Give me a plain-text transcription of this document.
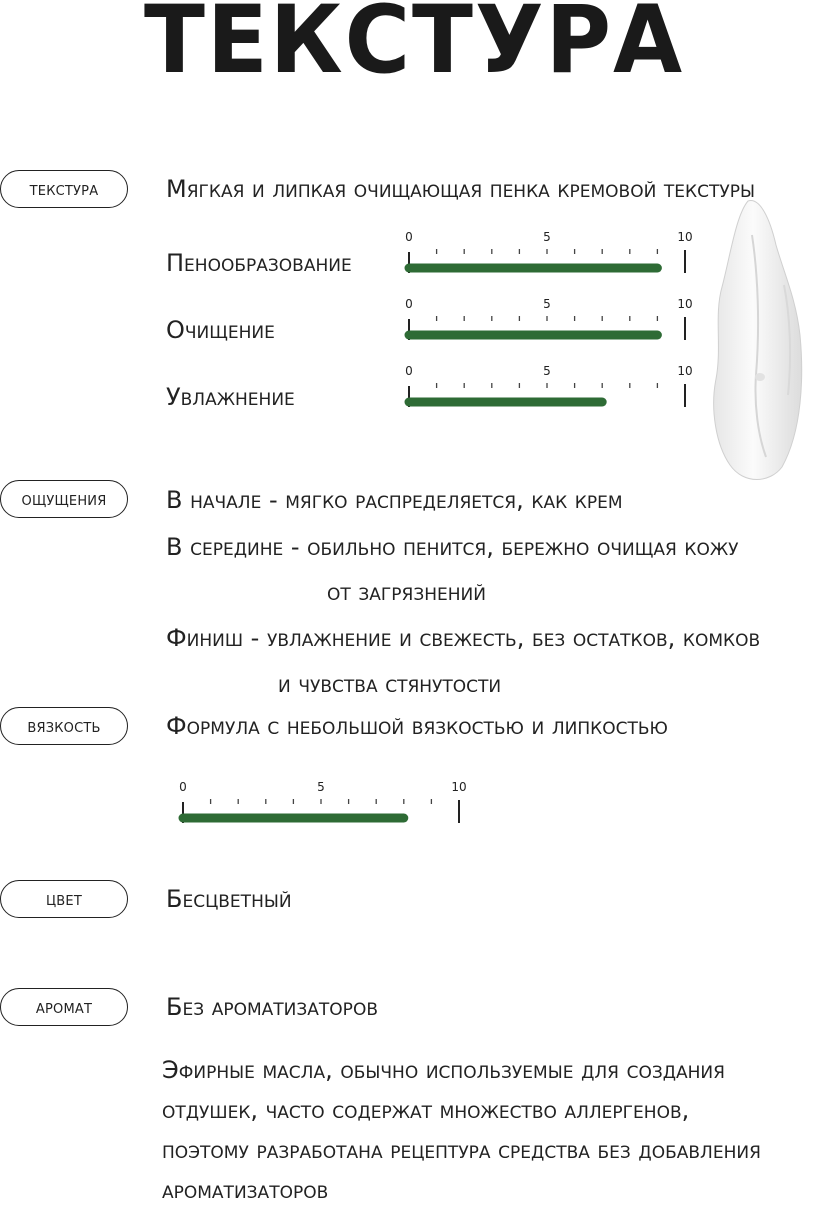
ТЕКСТУРА
текстура	Мягкая и липкая очищающая пенка кремовой текстуры
Пенообразование
0	5	10
Очищение
0	5	10
Увлажнение
0	5	10
ощущения	В начале - мягко распределяется, как крем
В середине - обильно пенится, бережно очищая кожу
от загрязнений
Финиш - увлажнение и свежесть, без остатков, комков
и чувства стянутости
вязкость	Формула с небольшой вязкостью и липкостью
0	5	10
цвет	Бесцветный
аромат	Без ароматизаторов
Эфирные масла, обычно используемые для создания
отдушек, часто содержат множество аллергенов,
поэтому разработана рецептура средства без добавления
ароматизаторов
